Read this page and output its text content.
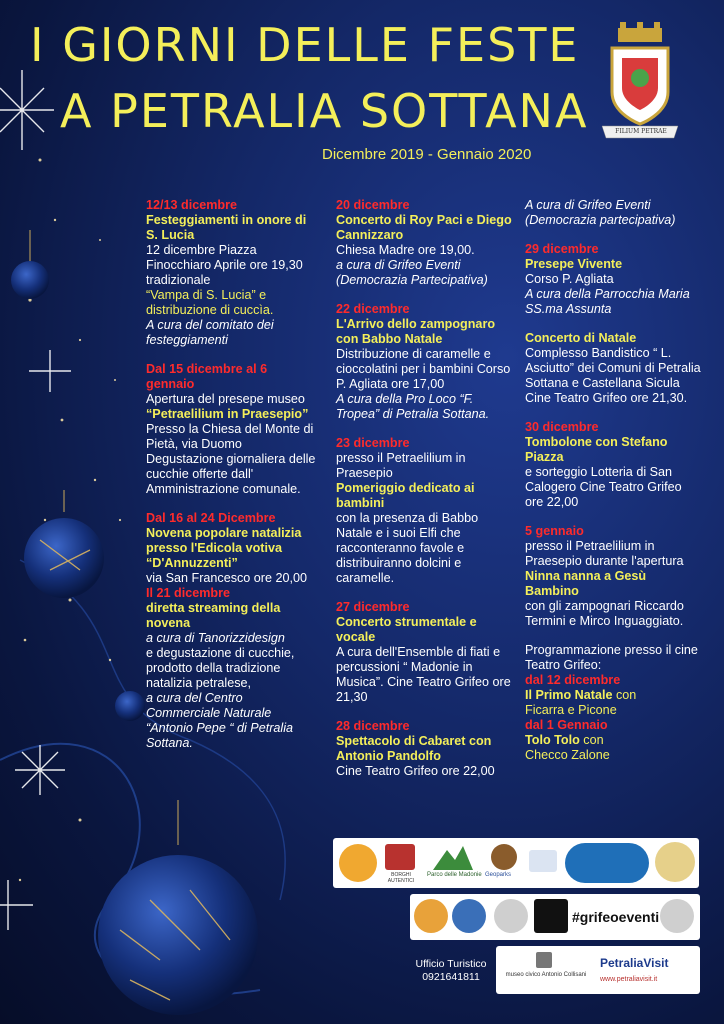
I GIORNI DELLE FESTE
A PETRALIA SOTTANA
Dicembre 2019 - Gennaio 2020
FILIUM PETRAE

12/13 dicembre

Festeggiamenti in onore di S. Lucia

12 dicembre Piazza Finocchiaro Aprile ore 19,30 tradizionale

“Vampa di S. Lucia” e distribuzione di cuccìa.

A cura del comitato dei festeggiamenti

Dal 15 dicembre al 6 gennaio

Apertura del presepe museo

“Petraelilium in Praesepio”

Presso la Chiesa del Monte di Pietà, via Duomo Degustazione giornaliera delle cucchie offerte dall' Amministrazione comunale.

Dal 16 al 24 Dicembre

Novena popolare natalizia presso l'Edicola votiva “D'Annuzzenti”

via San Francesco ore 20,00

Il 21 dicembre

diretta streaming della novena

a cura di Tanorizzidesign

e degustazione di cucchie, prodotto della tradizione natalizia petralese,

a cura del Centro Commerciale Naturale “Antonio Pepe “ di Petralia Sottana.

20 dicembre

Concerto di Roy Paci e Diego Cannizzaro

Chiesa Madre ore 19,00.

a cura di Grifeo Eventi (Democrazia Partecipativa)

22 dicembre

L'Arrivo dello zampognaro con Babbo Natale

Distribuzione di caramelle e cioccolatini per i bambini Corso P. Agliata ore 17,00

A cura della Pro Loco “F. Tropea” di Petralia Sottana.

23 dicembre

presso il Petraelilium in Praesepio

Pomeriggio dedicato ai bambini

con la presenza di Babbo Natale e i suoi Elfi che racconteranno favole e distribuiranno dolcini e caramelle.

27 dicembre

Concerto strumentale e vocale

A cura dell'Ensemble di fiati e percussioni “ Madonie in Musica”. Cine Teatro Grifeo ore 21,30

28 dicembre

Spettacolo di Cabaret con Antonio Pandolfo

Cine Teatro Grifeo ore 22,00

A cura di Grifeo Eventi (Democrazia partecipativa)

29 dicembre

Presepe Vivente

Corso P. Agliata

A cura della Parrocchia Maria SS.ma Assunta

Concerto di Natale

Complesso Bandistico “ L. Asciutto” dei Comuni di Petralia Sottana e Castellana Sicula Cine Teatro Grifeo ore 21,30.

30 dicembre

Tombolone con Stefano Piazza

e sorteggio Lotteria di San Calogero Cine Teatro Grifeo ore 22,00

5 gennaio

presso il Petraelilium in Praesepio durante l'apertura

Ninna nanna a Gesù Bambino

con gli zampognari Riccardo Termini e Mirco Inguaggiato.

Programmazione presso il cine Teatro Grifeo:

dal 12 dicembre

Il Primo Natale con

Ficarra e Picone

dal 1 Gennaio

Tolo Tolo con

Checco Zalone

BORGHI AUTENTICI
Parco delle Madonie Geoparks
#grifeoeventi
Ufficio Turistico
0921641811	museo civico Antonio Collisani
PetraliaVisit
www.petraliavisit.it
